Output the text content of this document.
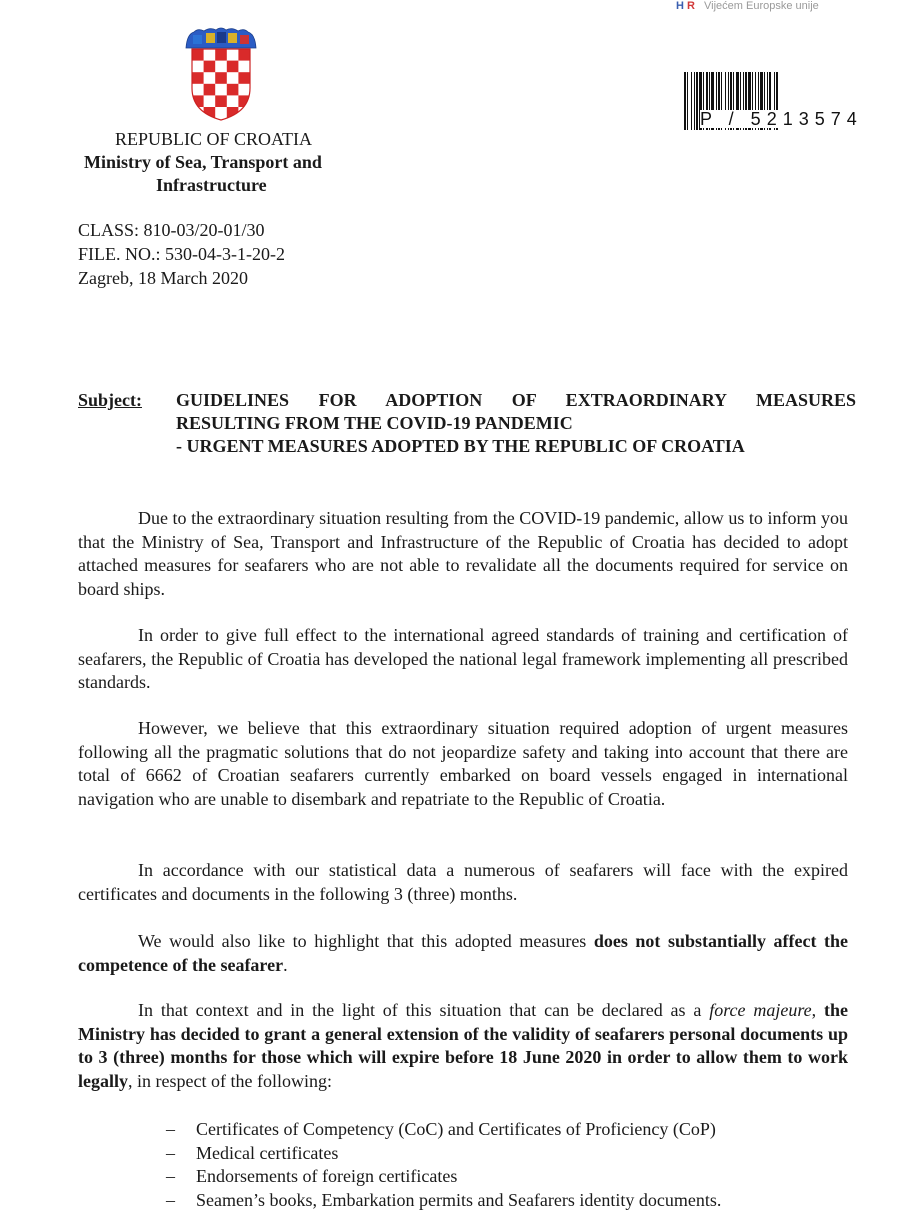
H R Vijećem Europske unije
P / 5213574
REPUBLIC OF CROATIA
Ministry of Sea, Transport and
Infrastructure
CLASS: 810-03/20-01/30
FILE. NO.: 530-04-3-1-20-2
Zagreb, 18 March 2020
Subject: GUIDELINES FOR ADOPTION OF EXTRAORDINARY MEASURES
RESULTING FROM THE COVID-19 PANDEMIC
- URGENT MEASURES ADOPTED BY THE REPUBLIC OF CROATIA

Due to the extraordinary situation resulting from the COVID-19 pandemic, allow us to inform you that the Ministry of Sea, Transport and Infrastructure of the Republic of Croatia has decided to adopt attached measures for seafarers who are not able to revalidate all the documents required for service on board ships.

In order to give full effect to the international agreed standards of training and certification of seafarers, the Republic of Croatia has developed the national legal framework implementing all prescribed standards.

However, we believe that this extraordinary situation required adoption of urgent measures following all the pragmatic solutions that do not jeopardize safety and taking into account that there are total of 6662 of Croatian seafarers currently embarked on board vessels engaged in international navigation who are unable to disembark and repatriate to the Republic of Croatia.

In accordance with our statistical data a numerous of seafarers will face with the expired certificates and documents in the following 3 (three) months.

We would also like to highlight that this adopted measures does not substantially affect the competence of the seafarer.

In that context and in the light of this situation that can be declared as a force majeure, the Ministry has decided to grant a general extension of the validity of seafarers personal documents up to 3 (three) months for those which will expire before 18 June 2020 in order to allow them to work legally, in respect of the following:

– Certificates of Competency (CoC) and Certificates of Proficiency (CoP)
– Medical certificates
– Endorsements of foreign certificates
– Seamen’s books, Embarkation permits and Seafarers identity documents.
